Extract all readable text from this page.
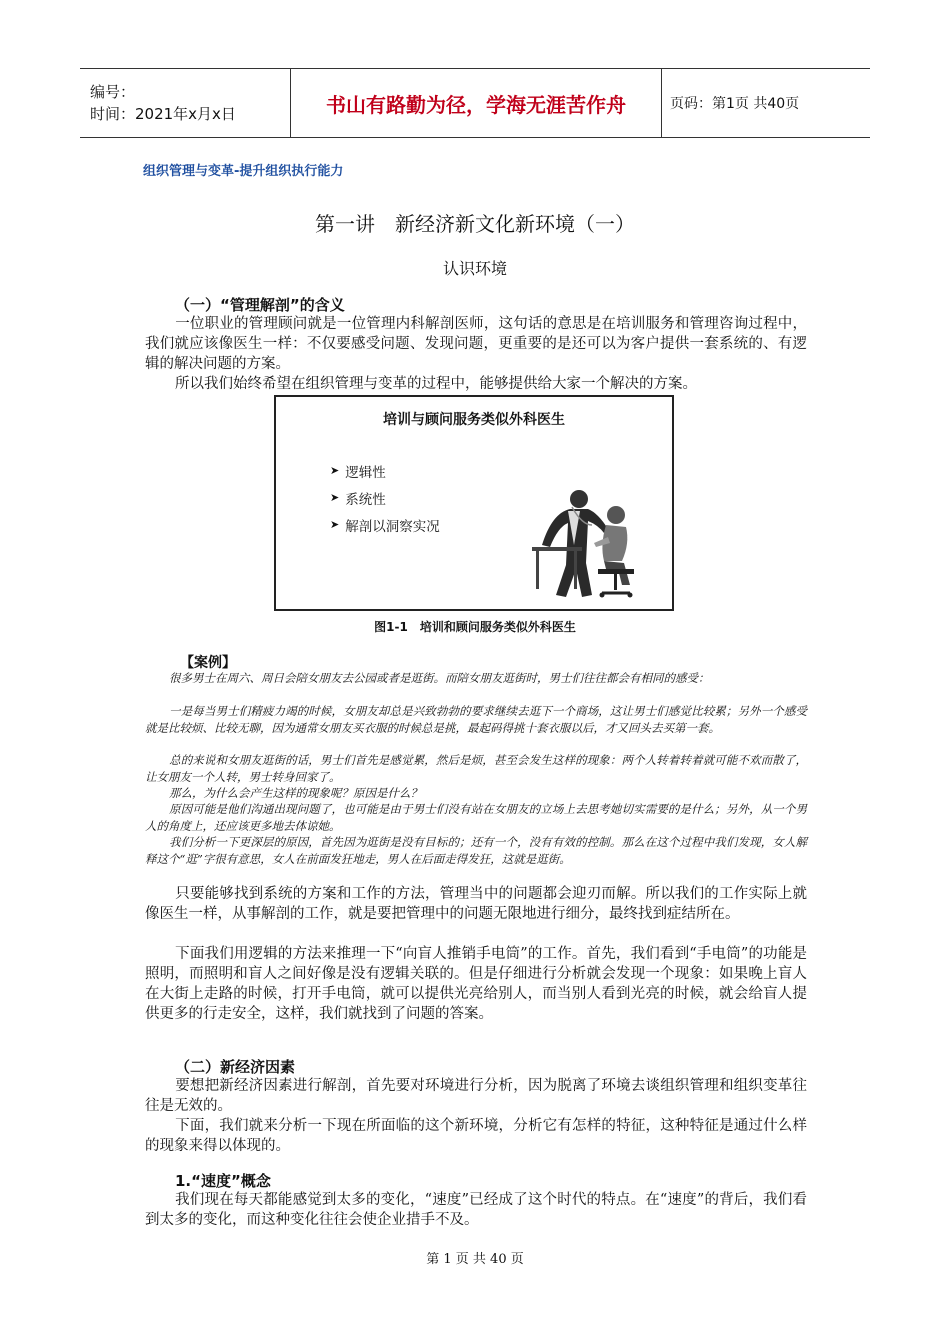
编号：
时间：2021年x月x日	书山有路勤为径，学海无涯苦作舟	页码：第1页 共40页
组织管理与变革-提升组织执行能力
第一讲　新经济新文化新环境（一）
认识环境
（一）“管理解剖”的含义
一位职业的管理顾问就是一位管理内科解剖医师，这句话的意思是在培训服务和管理咨询过程中，我们就应该像医生一样：不仅要感受问题、发现问题，更重要的是还可以为客户提供一套系统的、有逻辑的解决问题的方案。
所以我们始终希望在组织管理与变革的过程中，能够提供给大家一个解决的方案。
培训与顾问服务类似外科医生
➤ 逻辑性
➤ 系统性
➤ 解剖以洞察实况
图1-1　培训和顾问服务类似外科医生
【案例】
很多男士在周六、周日会陪女朋友去公园或者是逛街。而陪女朋友逛街时，男士们往往都会有相同的感受：
一是每当男士们精疲力竭的时候，女朋友却总是兴致勃勃的要求继续去逛下一个商场，这让男士们感觉比较累；另外一个感受就是比较烦、比较无聊，因为通常女朋友买衣服的时候总是挑，最起码得挑十套衣服以后，才又回头去买第一套。
总的来说和女朋友逛街的话，男士们首先是感觉累，然后是烦，甚至会发生这样的现象：两个人转着转着就可能不欢而散了，让女朋友一个人转，男士转身回家了。
那么，为什么会产生这样的现象呢？原因是什么？
原因可能是他们沟通出现问题了，也可能是由于男士们没有站在女朋友的立场上去思考她切实需要的是什么；另外，从一个男人的角度上，还应该更多地去体谅她。
我们分析一下更深层的原因，首先因为逛街是没有目标的；还有一个，没有有效的控制。那么在这个过程中我们发现，女人解释这个“逛”字很有意思，女人在前面发狂地走，男人在后面走得发狂，这就是逛街。
只要能够找到系统的方案和工作的方法，管理当中的问题都会迎刃而解。所以我们的工作实际上就像医生一样，从事解剖的工作，就是要把管理中的问题无限地进行细分，最终找到症结所在。
下面我们用逻辑的方法来推理一下“向盲人推销手电筒”的工作。首先，我们看到“手电筒”的功能是照明，而照明和盲人之间好像是没有逻辑关联的。但是仔细进行分析就会发现一个现象：如果晚上盲人在大街上走路的时候，打开手电筒，就可以提供光亮给别人，而当别人看到光亮的时候，就会给盲人提供更多的行走安全，这样，我们就找到了问题的答案。
（二）新经济因素
要想把新经济因素进行解剖，首先要对环境进行分析，因为脱离了环境去谈组织管理和组织变革往往是无效的。
下面，我们就来分析一下现在所面临的这个新环境，分析它有怎样的特征，这种特征是通过什么样的现象来得以体现的。
1.“速度”概念
我们现在每天都能感觉到太多的变化，“速度”已经成了这个时代的特点。在“速度”的背后，我们看到太多的变化，而这种变化往往会使企业措手不及。
第 1 页 共 40 页
